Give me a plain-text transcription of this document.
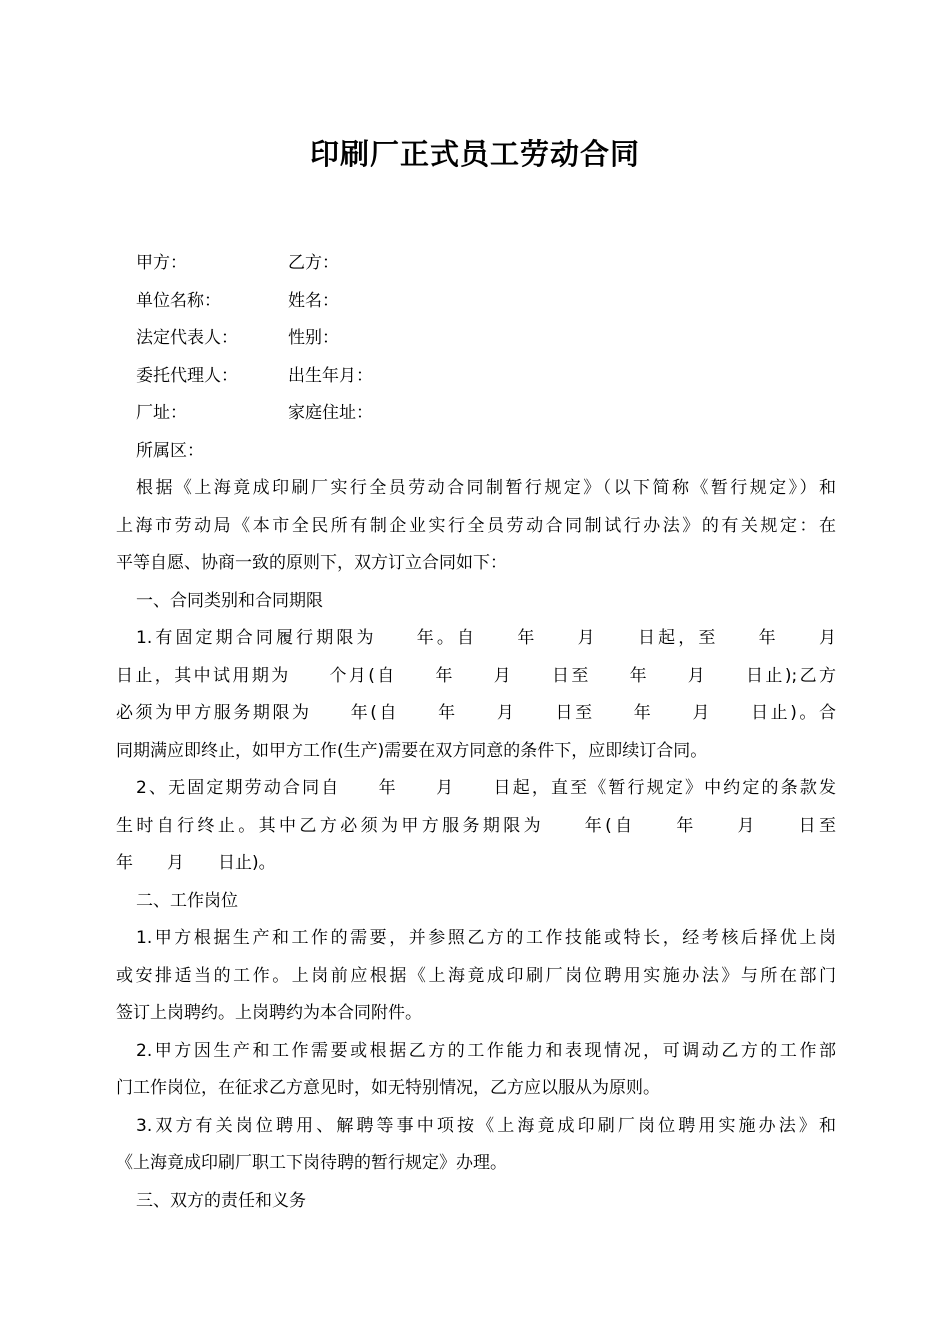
印刷厂正式员工劳动合同
甲方：	乙方：
单位名称：	姓名：
法定代表人：	性别：
委托代理人：	出生年月：
厂址：	家庭住址：
所属区：
根据《上海竟成印刷厂实行全员劳动合同制暂行规定》（以下简称《暂行规定》）和
上海市劳动局《本市全民所有制企业实行全员劳动合同制试行办法》的有关规定：在
平等自愿、协商一致的原则下，双方订立合同如下：
一、合同类别和合同期限
1.有固定期合同履行期限为　　年。自　　年　　月　　日起，至　　年　　月
日止，其中试用期为　　个月(自　　年　　月　　日至　　年　　月　　日止);乙方
必须为甲方服务期限为　　年(自　　年　　月　　日至　　年　　月　　日止)。合
同期满应即终止，如甲方工作(生产)需要在双方同意的条件下，应即续订合同。
2、无固定期劳动合同自　　年　　月　　日起，直至《暂行规定》中约定的条款发
生时自行终止。其中乙方必须为甲方服务期限为　　年(自　　年　　月　　日至
年　　月　　日止)。
二、工作岗位
1.甲方根据生产和工作的需要，并参照乙方的工作技能或特长，经考核后择优上岗
或安排适当的工作。上岗前应根据《上海竟成印刷厂岗位聘用实施办法》与所在部门
签订上岗聘约。上岗聘约为本合同附件。
2.甲方因生产和工作需要或根据乙方的工作能力和表现情况，可调动乙方的工作部
门工作岗位，在征求乙方意见时，如无特别情况，乙方应以服从为原则。
3.双方有关岗位聘用、解聘等事中项按《上海竟成印刷厂岗位聘用实施办法》和
《上海竟成印刷厂职工下岗待聘的暂行规定》办理。
三、双方的责任和义务
